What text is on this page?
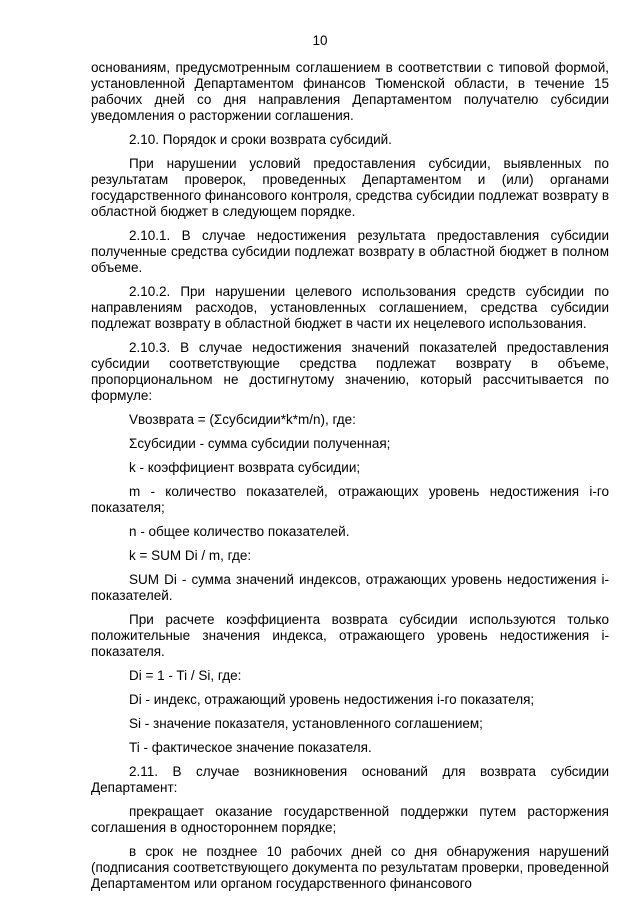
10

основаниям, предусмотренным соглашением в соответствии с типовой формой, установленной Департаментом финансов Тюменской области, в течение 15 рабочих дней со дня направления Департаментом получателю субсидии уведомления о расторжении соглашения.

2.10. Порядок и сроки возврата субсидий.

При нарушении условий предоставления субсидии, выявленных по результатам проверок, проведенных Департаментом и (или) органами государственного финансового контроля, средства субсидии подлежат возврату в областной бюджет в следующем порядке.

2.10.1. В случае недостижения результата предоставления субсидии полученные средства субсидии подлежат возврату в областной бюджет в полном объеме.

2.10.2. При нарушении целевого использования средств субсидии по направлениям расходов, установленных соглашением, средства субсидии подлежат возврату в областной бюджет в части их нецелевого использования.

2.10.3. В случае недостижения значений показателей предоставления субсидии соответствующие средства подлежат возврату в объеме, пропорциональном не достигнутому значению, который рассчитывается по формуле:

Vвозврата = (Σсубсидии*k*m/n), где:

Σсубсидии - сумма субсидии полученная;

k - коэффициент возврата субсидии;

m - количество показателей, отражающих уровень недостижения i-го показателя;

n - общее количество показателей.

k = SUM Di / m, где:

SUM Di - сумма значений индексов, отражающих уровень недостижения i-показателей.

При расчете коэффициента возврата субсидии используются только положительные значения индекса, отражающего уровень недостижения i-показателя.

Di = 1 - Ti / Si, где:

Di - индекс, отражающий уровень недостижения i-го показателя;

Si - значение показателя, установленного соглашением;

Ti - фактическое значение показателя.

2.11. В случае возникновения оснований для возврата субсидии Департамент:

прекращает оказание государственной поддержки путем расторжения соглашения в одностороннем порядке;

в срок не позднее 10 рабочих дней со дня обнаружения нарушений (подписания соответствующего документа по результатам проверки, проведенной Департаментом или органом государственного финансового
